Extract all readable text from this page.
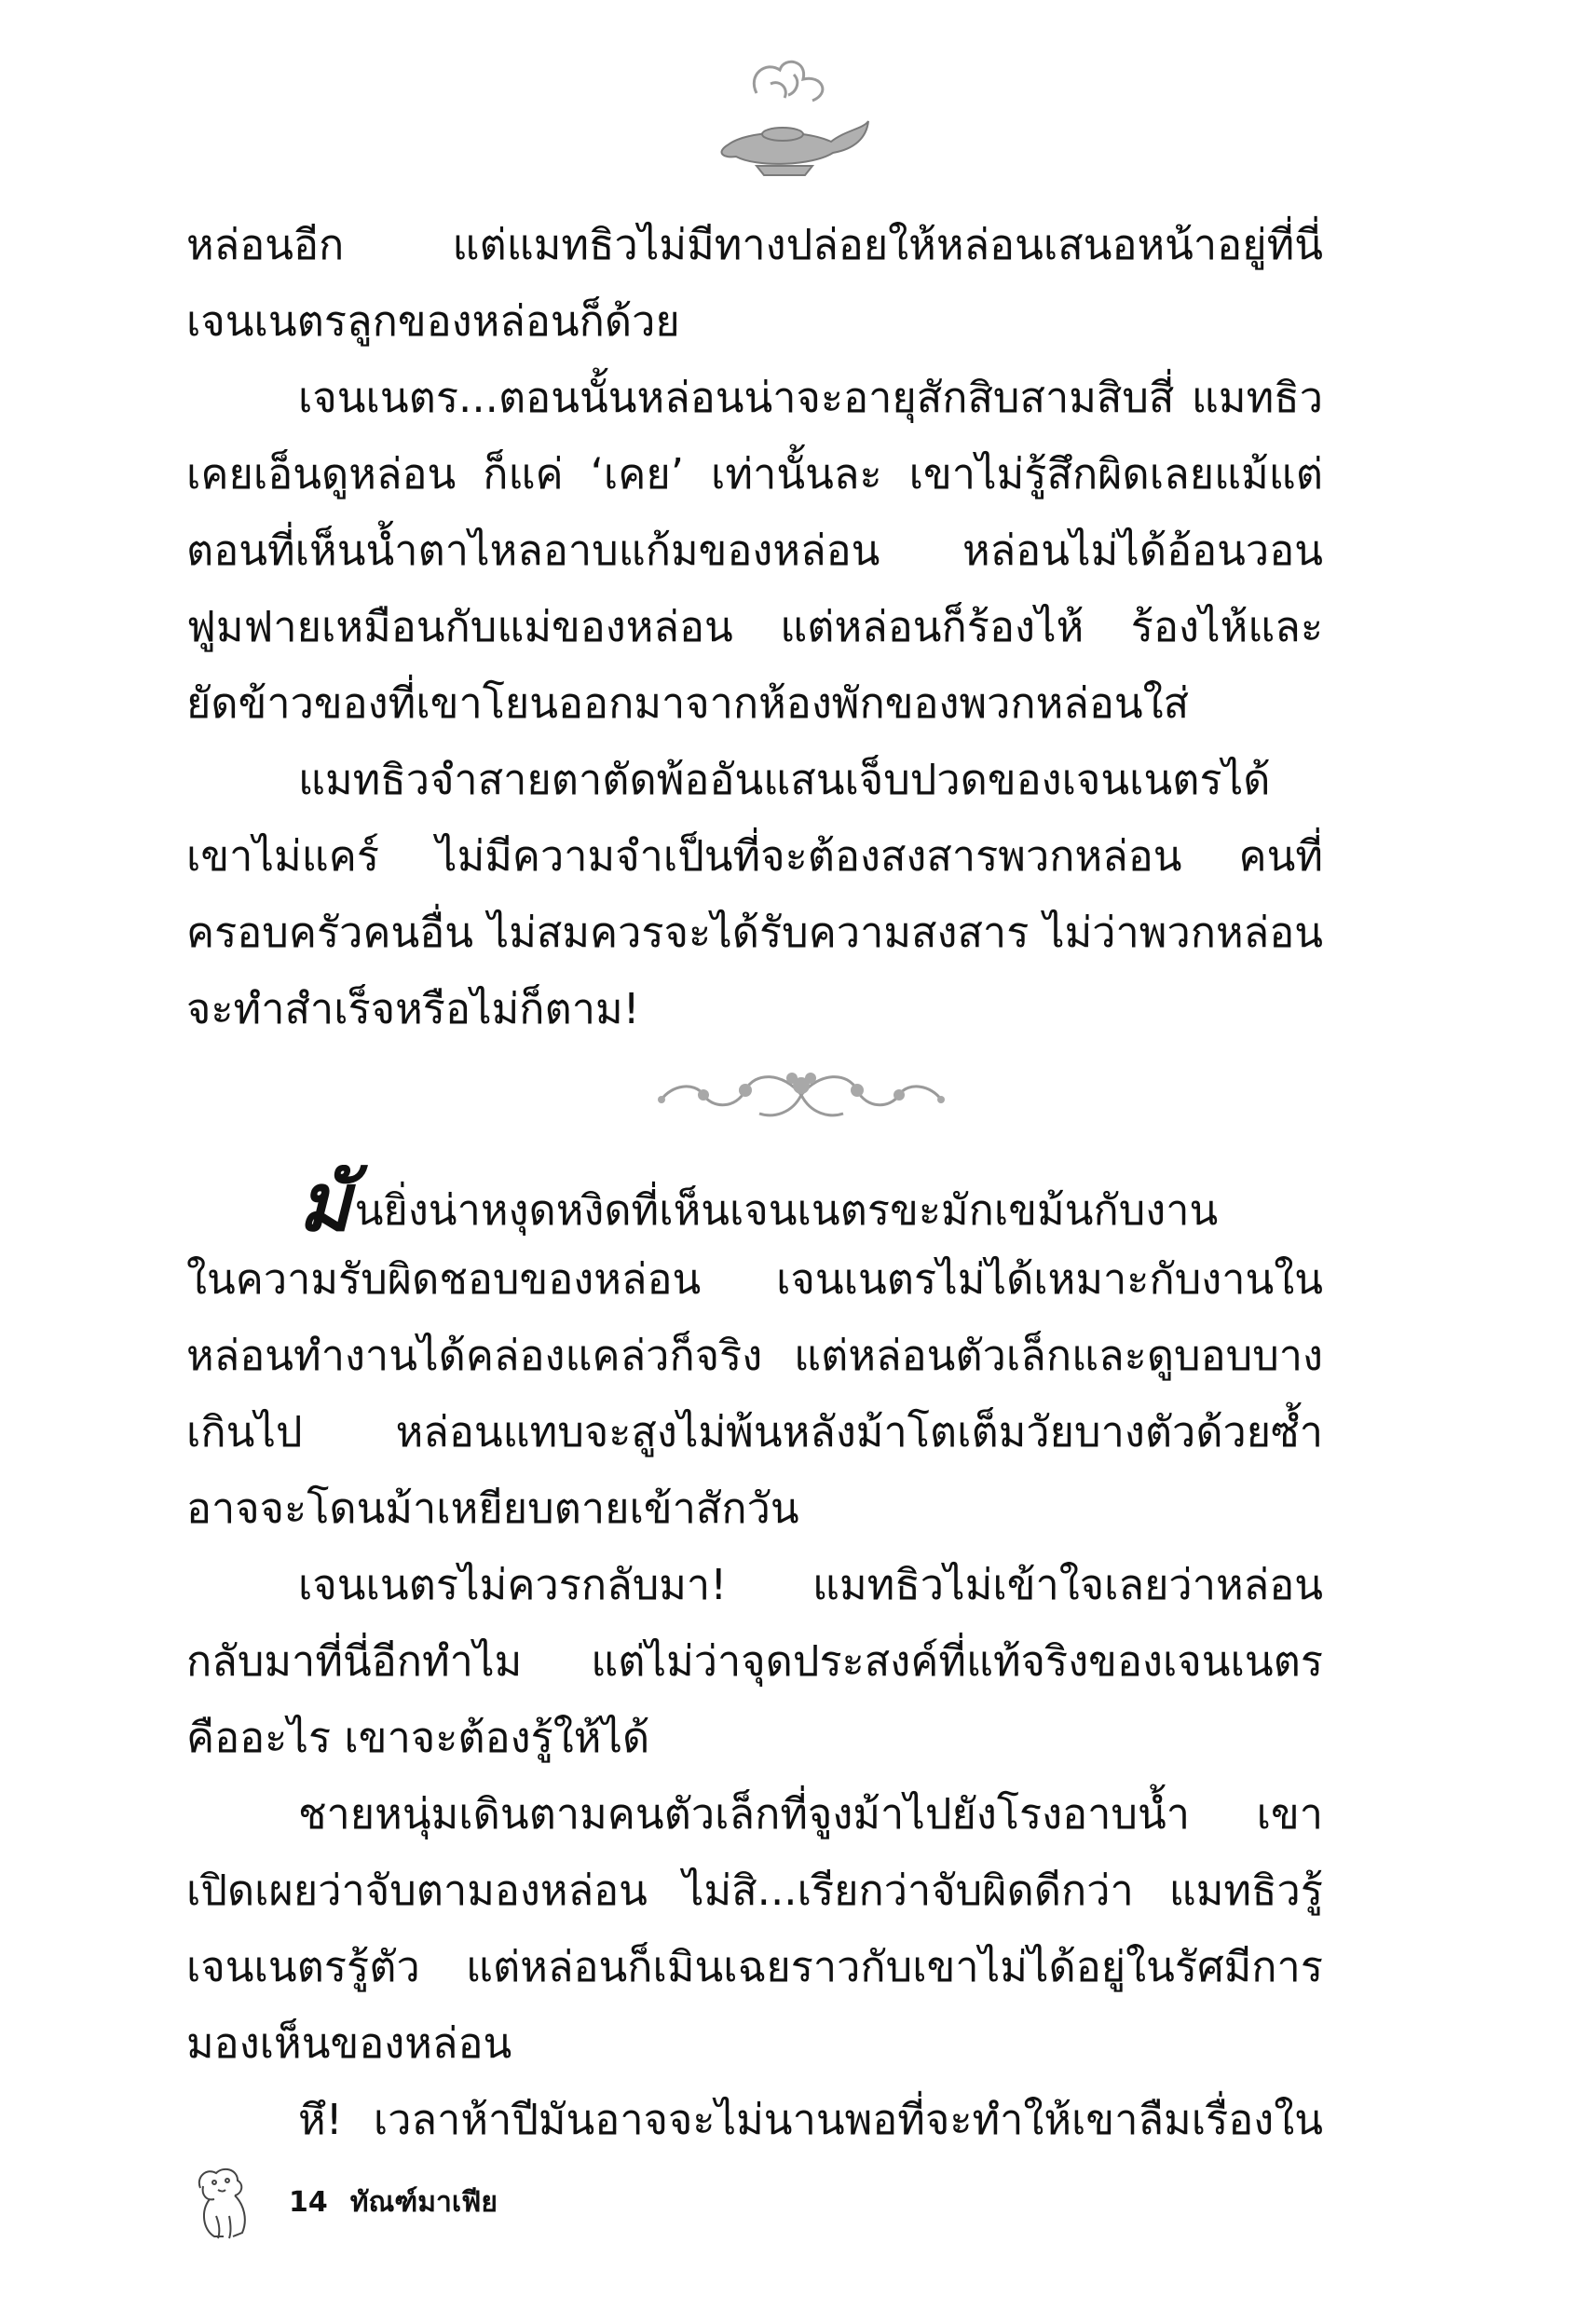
หล่อนอีก แต่แมทธิวไม่มีทางปล่อยให้หล่อนเสนอหน้าอยู่ที่นี่

เจนเนตรลูกของหล่อนก็ด้วย

เจนเนตร...ตอนนั้นหล่อนน่าจะอายุสักสิบสามสิบสี่ แมทธิว

เคยเอ็นดูหล่อน ก็แค่ ‘เคย’ เท่านั้นละ เขาไม่รู้สึกผิดเลยแม้แต่

ตอนที่เห็นน้ำตาไหลอาบแก้มของหล่อน หล่อนไม่ได้อ้อนวอน

ฟูมฟายเหมือนกับแม่ของหล่อน แต่หล่อนก็ร้องไห้ ร้องไห้และ

ยัดข้าวของที่เขาโยนออกมาจากห้องพักของพวกหล่อนใส่

แมทธิวจำสายตาตัดพ้ออันแสนเจ็บปวดของเจนเนตรได้

เขาไม่แคร์ ไม่มีความจำเป็นที่จะต้องสงสารพวกหล่อน คนที่

ครอบครัวคนอื่น ไม่สมควรจะได้รับความสงสาร ไม่ว่าพวกหล่อน

จะทำสำเร็จหรือไม่ก็ตาม!

มันยิ่งน่าหงุดหงิดที่เห็นเจนเนตรขะมักเขม้นกับงาน

ในความรับผิดชอบของหล่อน เจนเนตรไม่ได้เหมาะกับงานใน

หล่อนทำงานได้คล่องแคล่วก็จริง แต่หล่อนตัวเล็กและดูบอบบาง

เกินไป หล่อนแทบจะสูงไม่พ้นหลังม้าโตเต็มวัยบางตัวด้วยซ้ำ

อาจจะโดนม้าเหยียบตายเข้าสักวัน

เจนเนตรไม่ควรกลับมา! แมทธิวไม่เข้าใจเลยว่าหล่อน

กลับมาที่นี่อีกทำไม แต่ไม่ว่าจุดประสงค์ที่แท้จริงของเจนเนตร

คืออะไร เขาจะต้องรู้ให้ได้

ชายหนุ่มเดินตามคนตัวเล็กที่จูงม้าไปยังโรงอาบน้ำ เขา

เปิดเผยว่าจับตามองหล่อน ไม่สิ...เรียกว่าจับผิดดีกว่า แมทธิวรู้

เจนเนตรรู้ตัว แต่หล่อนก็เมินเฉยราวกับเขาไม่ได้อยู่ในรัศมีการ

มองเห็นของหล่อน

หึ! เวลาห้าปีมันอาจจะไม่นานพอที่จะทำให้เขาลืมเรื่องใน

14 ทัณฑ์มาเฟีย
